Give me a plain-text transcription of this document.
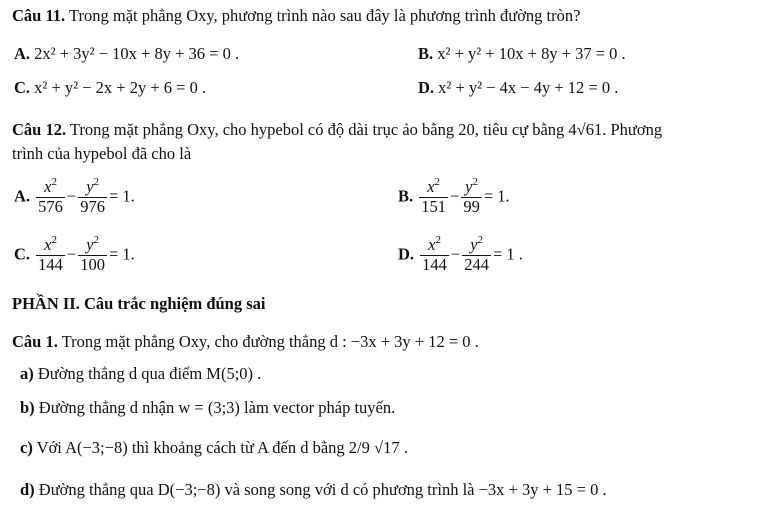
Câu 11. Trong mặt phẳng Oxy, phương trình nào sau đây là phương trình đường tròn?
A. 2x² + 3y² − 10x + 8y + 36 = 0 .	B. x² + y² + 10x + 8y + 37 = 0 .
C. x² + y² − 2x + 2y + 6 = 0 .	D. x² + y² − 4x − 4y + 12 = 0 .
Câu 12. Trong mặt phẳng Oxy, cho hypebol có độ dài trục ảo bằng 20, tiêu cự bằng 4√61. Phương
trình của hypebol đã cho là
A. $\frac{x^2}{576} - \frac{y^2}{976} = 1$.	B. $\frac{x^2}{151} - \frac{y^2}{99} = 1$.
C. $\frac{x^2}{144} - \frac{y^2}{100} = 1$.	D. $\frac{x^2}{144} - \frac{y^2}{244} = 1$ .
PHẦN II. Câu trắc nghiệm đúng sai
Câu 1. Trong mặt phẳng Oxy, cho đường thẳng d : −3x + 3y + 12 = 0 .
a) Đường thẳng d qua điểm M(5;0) .
b) Đường thẳng d nhận w = (3;3) làm vector pháp tuyến.
c) Với A(−3;−8) thì khoảng cách từ A đến d bằng 2/9 √17 .
d) Đường thẳng qua D(−3;−8) và song song với d có phương trình là −3x + 3y + 15 = 0 .
